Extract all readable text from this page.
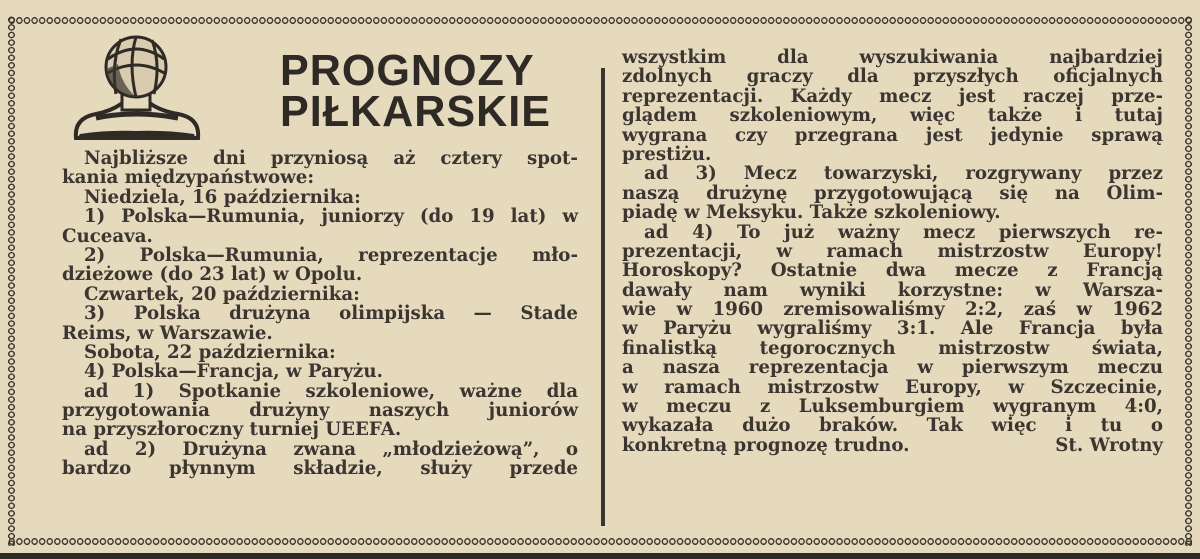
PROGNOZY
PIŁKARSKIE
Najbliższe dni przyniosą aż cztery spot-
kania międzypaństwowe:
Niedziela, 16 października:
1) Polska—Rumunia, juniorzy (do 19 lat) w
Cuceava.
2) Polska—Rumunia, reprezentacje mło-
dzieżowe (do 23 lat) w Opolu.
Czwartek, 20 października:
3) Polska drużyna olimpijska — Stade
Reims, w Warszawie.
Sobota, 22 października:
4) Polska—Francja, w Paryżu.
ad 1) Spotkanie szkoleniowe, ważne dla
przygotowania drużyny naszych juniorów
na przyszłoroczny turniej UEEFA.
ad 2) Drużyna zwana „młodzieżową”, o
bardzo płynnym składzie, służy przede
wszystkim dla wyszukiwania najbardziej
zdolnych graczy dla przyszłych oficjalnych
reprezentacji. Każdy mecz jest raczej prze-
glądem szkoleniowym, więc także i tutaj
wygrana czy przegrana jest jedynie sprawą
prestiżu.
ad 3) Mecz towarzyski, rozgrywany przez
naszą drużynę przygotowującą się na Olim-
piadę w Meksyku. Także szkoleniowy.
ad 4) To już ważny mecz pierwszych re-
prezentacji, w ramach mistrzostw Europy!
Horoskopy? Ostatnie dwa mecze z Francją
dawały nam wyniki korzystne: w Warsza-
wie w 1960 zremisowaliśmy 2:2, zaś w 1962
w Paryżu wygraliśmy 3:1. Ale Francja była
finalistką tegorocznych mistrzostw świata,
a nasza reprezentacja w pierwszym meczu
w ramach mistrzostw Europy, w Szczecinie,
w meczu z Luksemburgiem wygranym 4:0,
wykazała dużo braków. Tak więc i tu o
konkretną prognozę trudno.	St. Wrotny
